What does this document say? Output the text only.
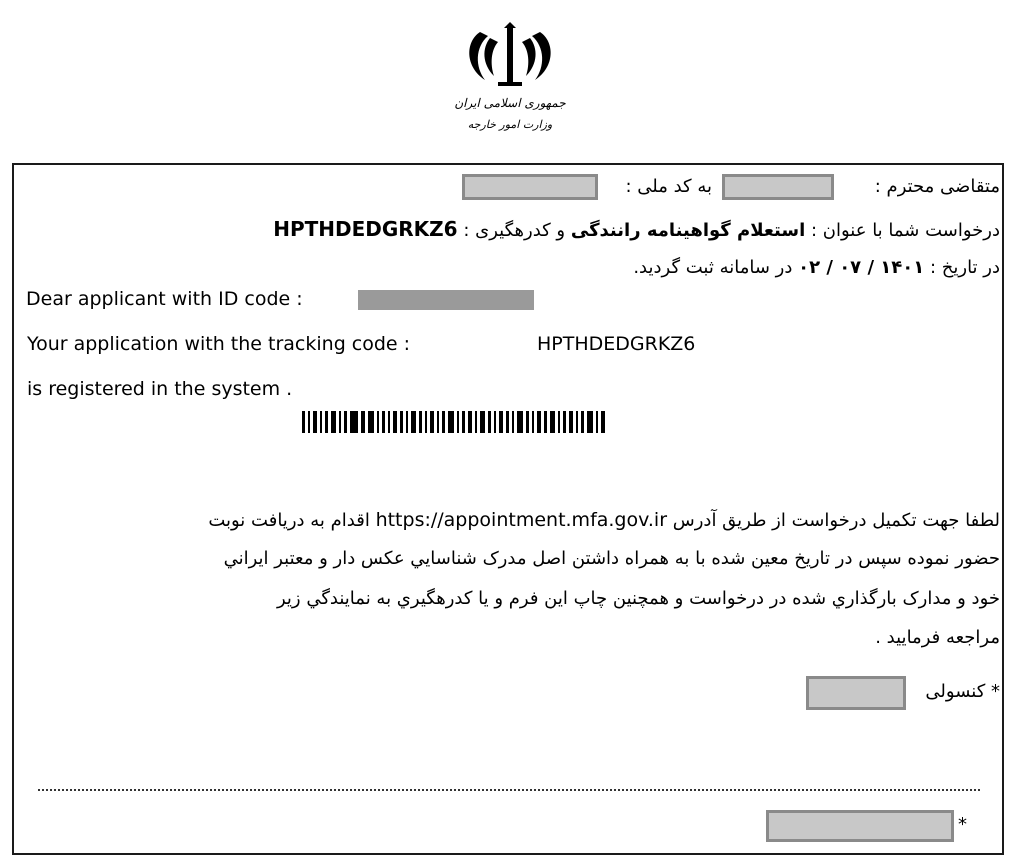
جمهوری اسلامی ایران
وزارت امور خارجه
متقاضی محترم :
به کد ملی :
درخواست شما با عنوان : استعلام گواهینامه رانندگی و کدرهگیری : HPTHDEDGRKZ6
در تاریخ : ۱۴۰۱ / ۰۷ / ۰۲ در سامانه ثبت گردید.
Dear applicant with ID code :
Your application with the tracking code :	HPTHDEDGRKZ6
is registered in the system .
لطفا جهت تکمیل درخواست از طریق آدرس https://appointment.mfa.gov.ir اقدام به دریافت نوبت
حضور نموده سپس در تاریخ معین شده با به همراه داشتن اصل مدرک شناسايي عکس دار و معتبر ايراني
خود و مدارک بارگذاري شده در درخواست و همچنين چاپ اين فرم و يا کدرهگيري به نمايندگي زير
مراجعه فرماييد .
* کنسولی
*
